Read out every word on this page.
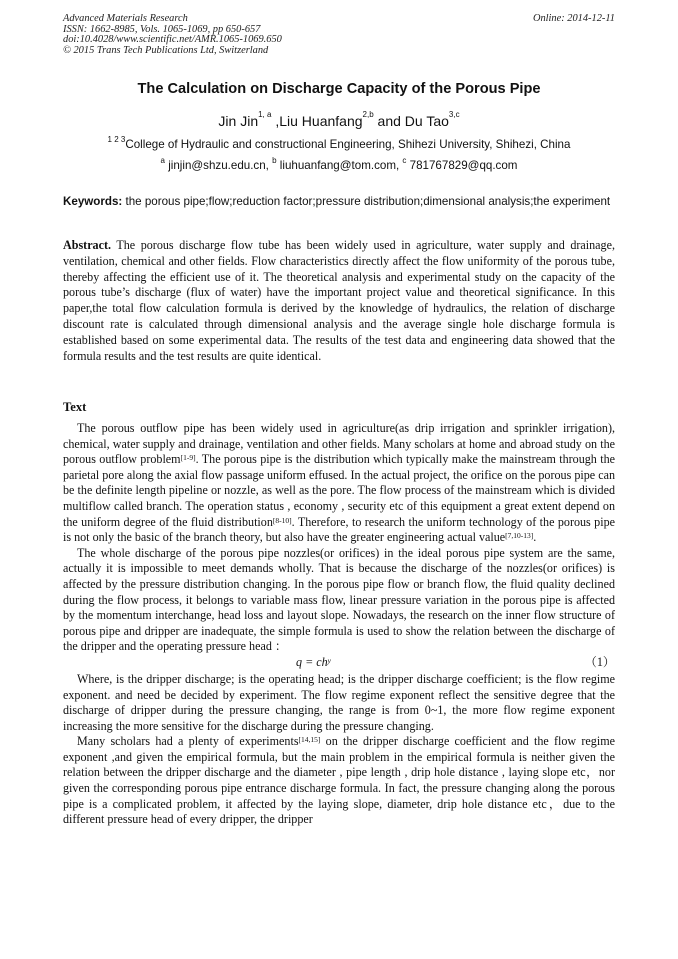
Advanced Materials Research
ISSN: 1662-8985, Vols. 1065-1069, pp 650-657
doi:10.4028/www.scientific.net/AMR.1065-1069.650
© 2015 Trans Tech Publications Ltd, Switzerland
Online: 2014-12-11
The Calculation on Discharge Capacity of the Porous Pipe
Jin Jin$^{1, a}$ ,Liu Huanfang$^{2,b}$ and Du Tao$^{3,c}$
$^{1 2 3}$College of Hydraulic and constructional Engineering, Shihezi University, Shihezi, China
$^a$ jinjin@shzu.edu.cn, $^b$ liuhuanfang@tom.com, $^c$ 781767829@qq.com
Keywords: the porous pipe;flow;reduction factor;pressure distribution;dimensional analysis;the experiment
Abstract. The porous discharge flow tube has been widely used in agriculture, water supply and drainage, ventilation, chemical and other fields. Flow characteristics directly affect the flow uniformity of the porous tube, thereby affecting the efficient use of it. The theoretical analysis and experimental study on the capacity of the porous tube’s discharge (flux of water) have the important project value and theoretical significance. In this paper,the total flow calculation formula is derived by the knowledge of hydraulics, the relation of discharge discount rate is calculated through dimensional analysis and the average single hole discharge formula is established based on some experimental data. The results of the test data and engineering data showed that the formula results and the test results are quite identical.
Text

The porous outflow pipe has been widely used in agriculture(as drip irrigation and sprinkler irrigation), chemical, water supply and drainage, ventilation and other fields. Many scholars at home and abroad study on the porous outflow problem[1-9]. The porous pipe is the distribution which typically make the mainstream through the parietal pore along the axial flow passage uniform effused. In the actual project, the orifice on the porous pipe can be the definite length pipeline or nozzle, as well as the pore. The flow process of the mainstream which is divided multiflow called branch. The operation status , economy , security etc of this equipment a great extent depend on the uniform degree of the fluid distribution[8-10]. Therefore, to research the uniform technology of the porous pipe is not only the basic of the branch theory, but also have the greater engineering actual value[7,10-13].

The whole discharge of the porous pipe nozzles(or orifices) in the ideal porous pipe system are the same, actually it is impossible to meet demands wholly. That is because the discharge of the nozzles(or orifices) is affected by the pressure distribution changing. In the porous pipe flow or branch flow, the fluid quality declined during the flow process, it belongs to variable mass flow, linear pressure variation in the porous pipe is affected by the momentum interchange, head loss and layout slope. Nowadays, the research on the inner flow structure of porous pipe and dripper are inadequate, the simple formula is used to show the relation between the discharge of the dripper and the operating pressure head ：

$q = ch^y$	（1）

Where, is the dripper discharge; is the operating head; is the dripper discharge coefficient; is the flow regime exponent. and need be decided by experiment. The flow regime exponent reflect the sensitive degree that the discharge of dripper during the pressure changing, the range is from 0~1, the more flow regime exponent increasing the more sensitive for the discharge during the pressure changing.

Many scholars had a plenty of experiments[14,15] on the dripper discharge coefficient and the flow regime exponent ,and given the empirical formula, but the main problem in the empirical formula is neither given the relation between the dripper discharge and the diameter , pipe length , drip hole distance , laying slope etc，nor given the corresponding porous pipe entrance discharge formula. In fact, the pressure changing along the porous pipe is a complicated problem, it affected by the laying slope, diameter, drip hole distance etc，due to the different pressure head of every dripper, the dripper
